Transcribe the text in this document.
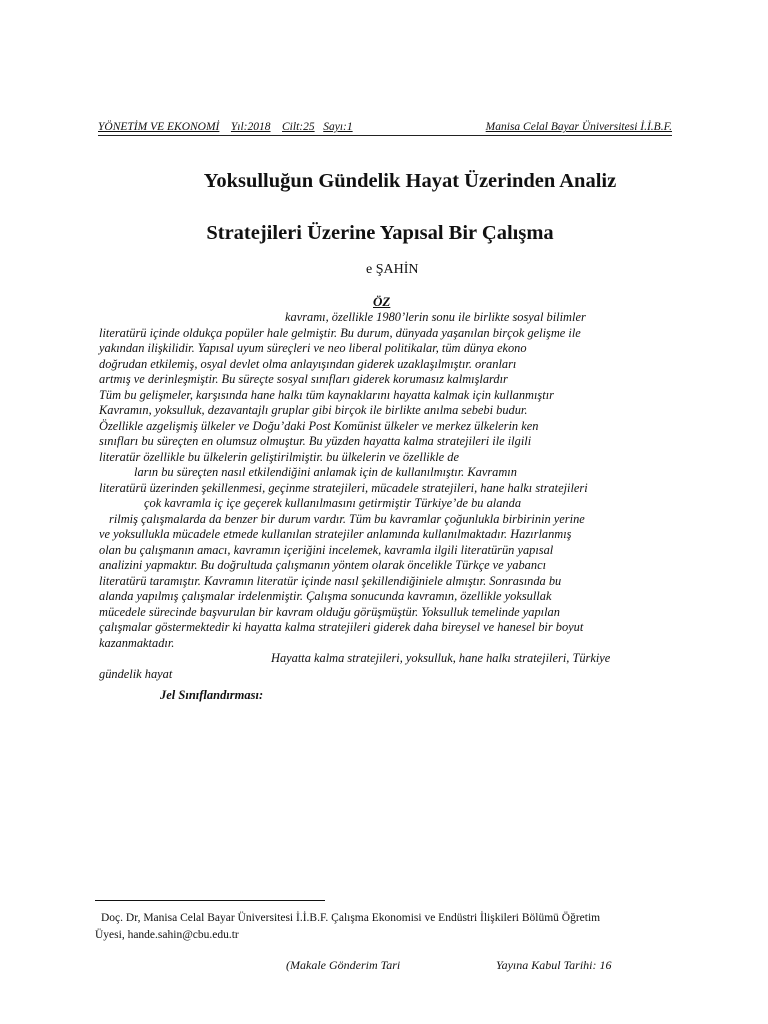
YÖNETİM VE EKONOMİ Yıl:2018 Cilt:25 Sayı:1	Manisa Celal Bayar Üniversitesi İ.İ.B.F.
Yoksulluğun Gündelik Hayat Üzerinden Analiz
Stratejileri Üzerine Yapısal Bir Çalışma
e ŞAHİN
ÖZ
kavramı, özellikle 1980’lerin sonu ile birlikte sosyal bilimler
literatürü içinde oldukça popüler hale gelmiştir. Bu durum, dünyada yaşanılan birçok gelişme ile
yakından ilişkilidir. Yapısal uyum süreçleri ve neo liberal politikalar, tüm dünya ekono
doğrudan etkilemiş, osyal devlet olma anlayışından giderek uzaklaşılmıştır. oranları
artmış ve derinleşmiştir. Bu süreçte sosyal sınıfları giderek korumasız kalmışlardır
Tüm bu gelişmeler, karşısında hane halkı tüm kaynaklarını hayatta kalmak için kullanmıştır
Kavramın, yoksulluk, dezavantajlı gruplar gibi birçok ile birlikte anılma sebebi budur.
Özellikle azgelişmiş ülkeler ve Doğu’daki Post Komünist ülkeler ve merkez ülkelerin ken
sınıfları bu süreçten en olumsuz olmuştur. Bu yüzden hayatta kalma stratejileri ile ilgili
literatür özellikle bu ülkelerin geliştirilmiştir. bu ülkelerin ve özellikle de
ların bu süreçten nasıl etkilendiğini anlamak için de kullanılmıştır. Kavramın
literatürü üzerinden şekillenmesi, geçinme stratejileri, mücadele stratejileri, hane halkı stratejileri
çok kavramla iç içe geçerek kullanılmasını getirmiştir Türkiye’de bu alanda
rilmiş çalışmalarda da benzer bir durum vardır. Tüm bu kavramlar çoğunlukla birbirinin yerine
ve yoksullukla mücadele etmede kullanılan stratejiler anlamında kullanılmaktadır. Hazırlanmış
olan bu çalışmanın amacı, kavramın içeriğini incelemek, kavramla ilgili literatürün yapısal
analizini yapmaktır. Bu doğrultuda çalışmanın yöntem olarak öncelikle Türkçe ve yabancı
literatürü taramıştır. Kavramın literatür içinde nasıl şekillendiğiniele almıştır. Sonrasında bu
alanda yapılmış çalışmalar irdelenmiştir. Çalışma sonucunda kavramın, özellikle yoksullak
mücedele sürecinde başvurulan bir kavram olduğu görüşmüştür. Yoksulluk temelinde yapılan
çalışmalar göstermektedir ki hayatta kalma stratejileri giderek daha bireysel ve hanesel bir boyut
kazanmaktadır.
Hayatta kalma stratejileri, yoksulluk, hane halkı stratejileri, Türkiye
gündelik hayat
Jel Sınıflandırması:
Doç. Dr, Manisa Celal Bayar Üniversitesi İ.İ.B.F. Çalışma Ekonomisi ve Endüstri İlişkileri Bölümü Öğretim
Üyesi, hande.sahin@cbu.edu.tr
(Makale Gönderim Tari	Yayına Kabul Tarihi: 16
